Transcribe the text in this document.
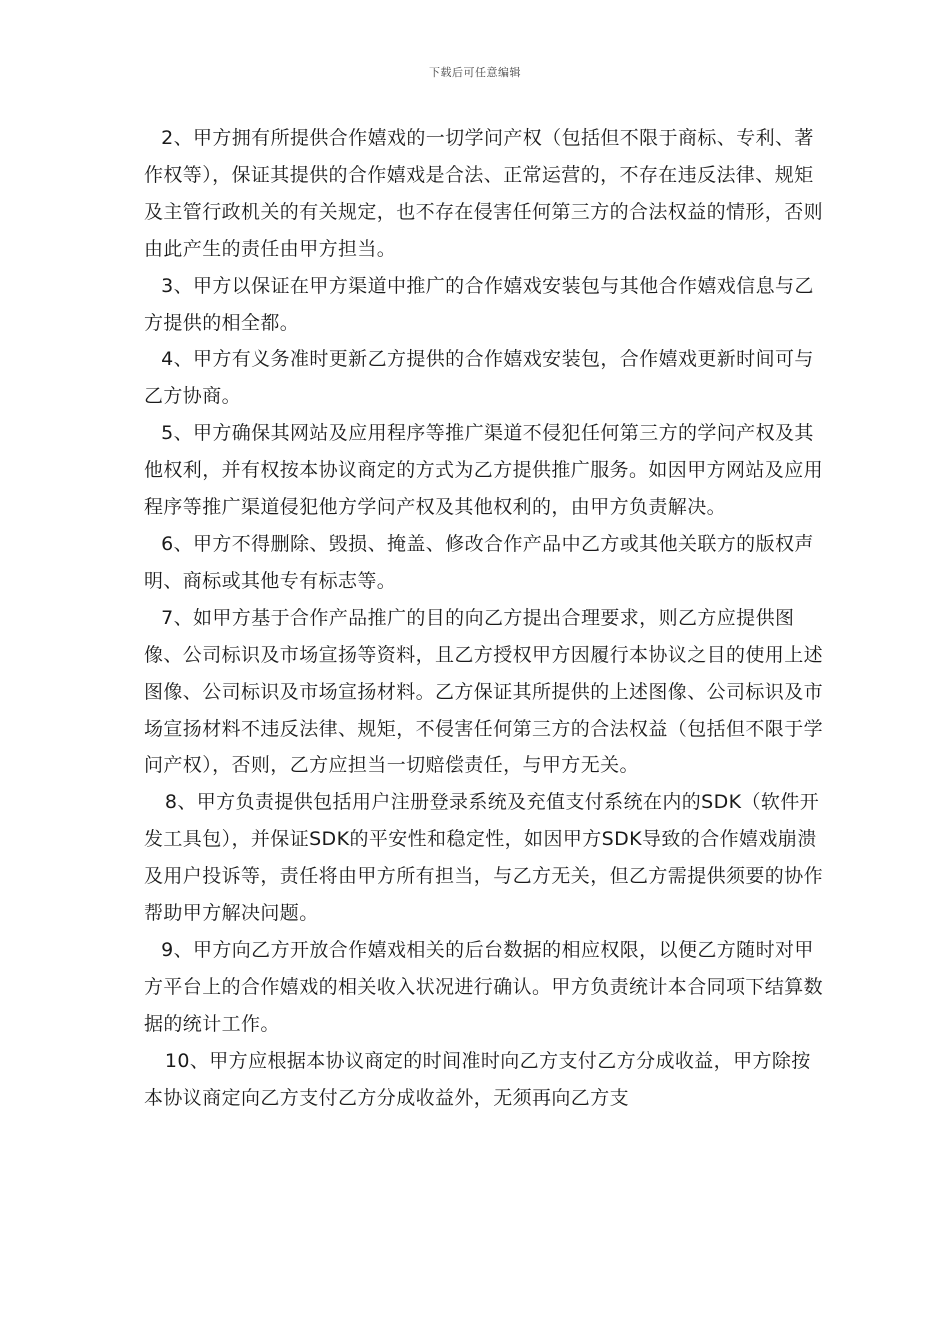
下载后可任意编辑

2、甲方拥有所提供合作嬉戏的一切学问产权（包括但不限于商标、专利、著作权等），保证其提供的合作嬉戏是合法、正常运营的，不存在违反法律、规矩及主管行政机关的有关规定，也不存在侵害任何第三方的合法权益的情形，否则由此产生的责任由甲方担当。

3、甲方以保证在甲方渠道中推广的合作嬉戏安装包与其他合作嬉戏信息与乙方提供的相全都。

4、甲方有义务准时更新乙方提供的合作嬉戏安装包，合作嬉戏更新时间可与乙方协商。

5、甲方确保其网站及应用程序等推广渠道不侵犯任何第三方的学问产权及其他权利，并有权按本协议商定的方式为乙方提供推广服务。如因甲方网站及应用程序等推广渠道侵犯他方学问产权及其他权利的，由甲方负责解决。

6、甲方不得删除、毁损、掩盖、修改合作产品中乙方或其他关联方的版权声明、商标或其他专有标志等。

7、如甲方基于合作产品推广的目的向乙方提出合理要求，则乙方应提供图像、公司标识及市场宣扬等资料，且乙方授权甲方因履行本协议之目的使用上述图像、公司标识及市场宣扬材料。乙方保证其所提供的上述图像、公司标识及市场宣扬材料不违反法律、规矩，不侵害任何第三方的合法权益（包括但不限于学问产权），否则，乙方应担当一切赔偿责任，与甲方无关。

8、甲方负责提供包括用户注册登录系统及充值支付系统在内的SDK（软件开发工具包），并保证SDK的平安性和稳定性，如因甲方SDK导致的合作嬉戏崩溃及用户投诉等，责任将由甲方所有担当，与乙方无关，但乙方需提供须要的协作帮助甲方解决问题。

9、甲方向乙方开放合作嬉戏相关的后台数据的相应权限，以便乙方随时对甲方平台上的合作嬉戏的相关收入状况进行确认。甲方负责统计本合同项下结算数据的统计工作。

10、甲方应根据本协议商定的时间准时向乙方支付乙方分成收益，甲方除按本协议商定向乙方支付乙方分成收益外，无须再向乙方支
